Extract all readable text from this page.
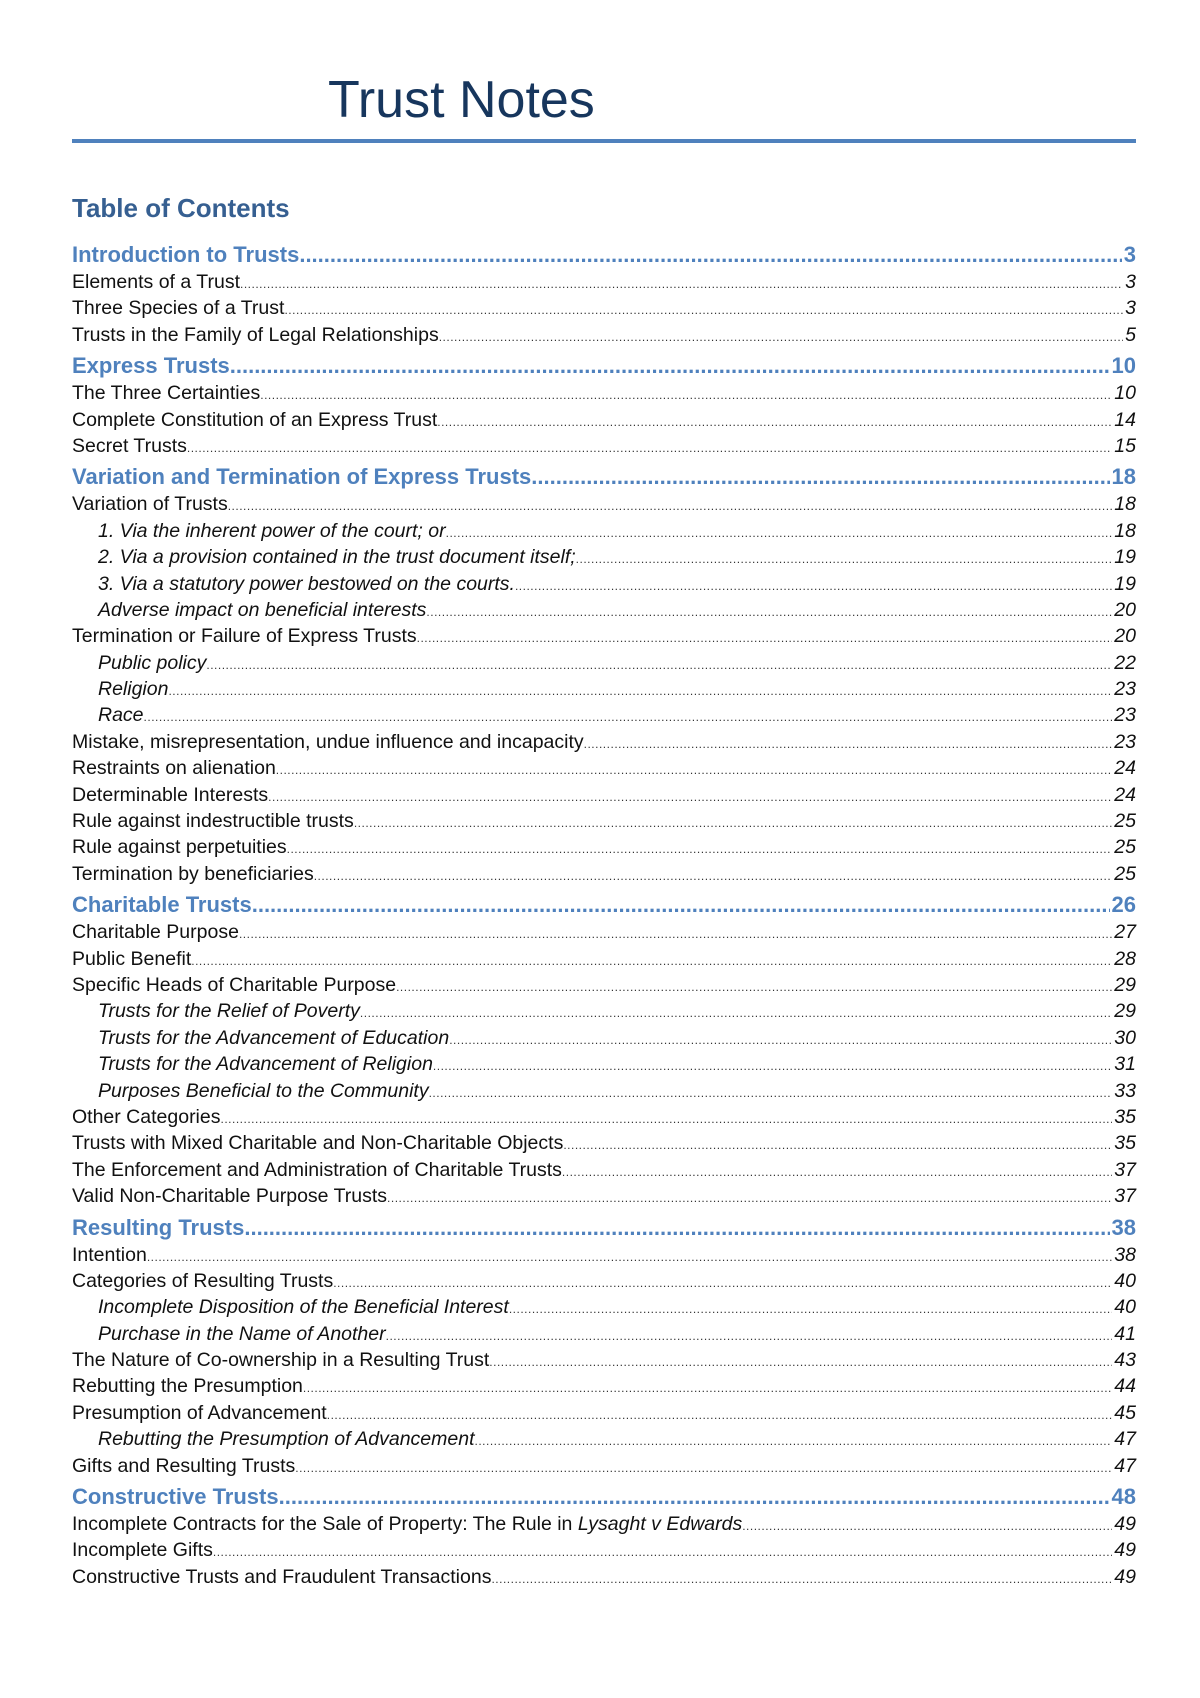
Trust Notes
Table of Contents
Introduction to Trusts .....	3
Elements of a Trust .....	3
Three Species of a Trust .....	3
Trusts in the Family of Legal Relationships .....	5
Express Trusts .....	10
The Three Certainties .....	10
Complete Constitution of an Express Trust .....	14
Secret Trusts .....	15
Variation and Termination of Express Trusts .....	18
Variation of Trusts .....	18
1. Via the inherent power of the court; or .....	18
2. Via a provision contained in the trust document itself; .....	19
3. Via a statutory power bestowed on the courts. .....	19
Adverse impact on beneficial interests .....	20
Termination or Failure of Express Trusts .....	20
Public policy .....	22
Religion .....	23
Race .....	23
Mistake, misrepresentation, undue influence and incapacity .....	23
Restraints on alienation .....	24
Determinable Interests .....	24
Rule against indestructible trusts .....	25
Rule against perpetuities .....	25
Termination by beneficiaries .....	25
Charitable Trusts .....	26
Charitable Purpose .....	27
Public Benefit .....	28
Specific Heads of Charitable Purpose .....	29
Trusts for the Relief of Poverty .....	29
Trusts for the Advancement of Education .....	30
Trusts for the Advancement of Religion .....	31
Purposes Beneficial to the Community .....	33
Other Categories .....	35
Trusts with Mixed Charitable and Non-Charitable Objects .....	35
The Enforcement and Administration of Charitable Trusts .....	37
Valid Non-Charitable Purpose Trusts .....	37
Resulting Trusts .....	38
Intention .....	38
Categories of Resulting Trusts .....	40
Incomplete Disposition of the Beneficial Interest .....	40
Purchase in the Name of Another .....	41
The Nature of Co-ownership in a Resulting Trust .....	43
Rebutting the Presumption .....	44
Presumption of Advancement .....	45
Rebutting the Presumption of Advancement .....	47
Gifts and Resulting Trusts .....	47
Constructive Trusts .....	48
Incomplete Contracts for the Sale of Property: The Rule in Lysaght v Edwards .....	49
Incomplete Gifts .....	49
Constructive Trusts and Fraudulent Transactions .....	49
